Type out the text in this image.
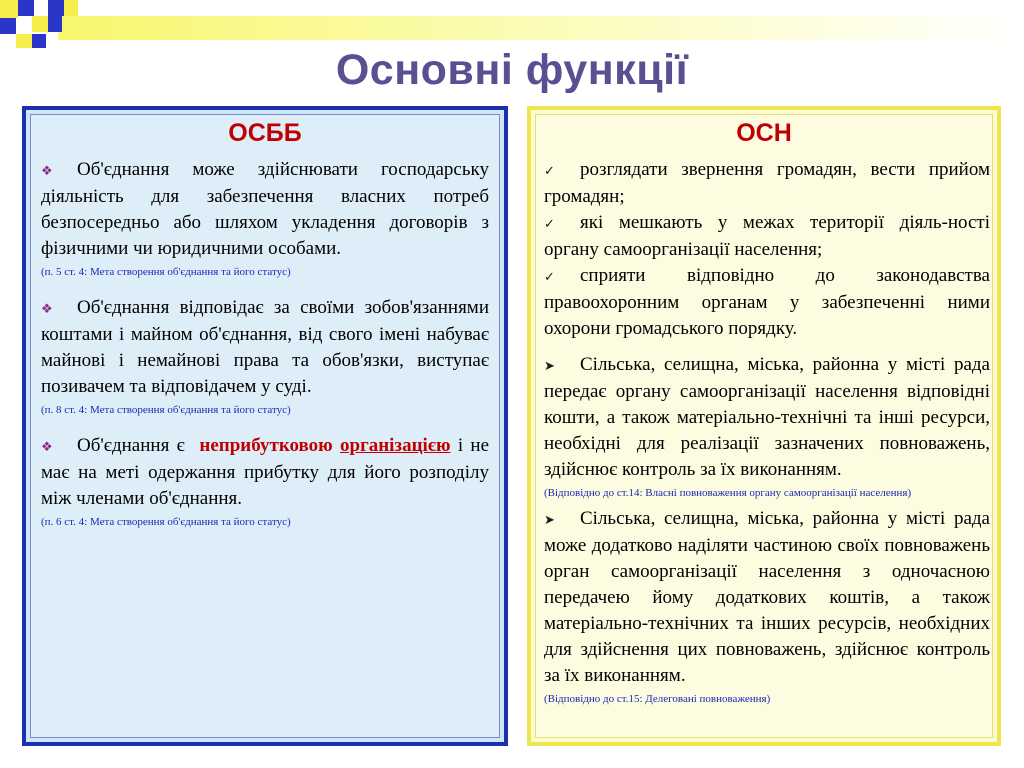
Основні функції
ОСББ

❖ Об'єднання може здійснювати господарську діяльність для забезпечення власних потреб безпосередньо або шляхом укладення договорів з фізичними чи юридичними особами.

(п. 5 ст. 4: Мета створення об'єднання та його статус)

❖ Об'єднання відповідає за своїми зобов'язаннями коштами і майном об'єднання, від свого імені набуває майнові і немайнові права та обов'язки, виступає позивачем та відповідачем у суді.

(п. 8 ст. 4: Мета створення об'єднання та його статус)

❖ Об'єднання є неприбутковою організацією і не має на меті одержання прибутку для його розподілу між членами об'єднання.

(п. 6 ст. 4: Мета створення об'єднання та його статус)
ОСН

✓ розглядати звернення громадян, вести прийом громадян;

✓ які мешкають у межах території діяль-ності органу самоорганізації населення;

✓ сприяти відповідно до законодавства правоохоронним органам у забезпеченні ними охорони громадського порядку.

➤ Сільська, селищна, міська, районна у місті рада передає органу самоорганізації населення відповідні кошти, а також матеріально-технічні та інші ресурси, необхідні для реалізації зазначених повноважень, здійснює контроль за їх виконанням.

(Відповідно до ст.14: Власні повноваження органу самоорганізації населення)

➤ Сільська, селищна, міська, районна у місті рада може додатково наділяти частиною своїх повноважень орган самоорганізації населення з одночасною передачею йому додаткових коштів, а також матеріально-технічних та інших ресурсів, необхідних для здійснення цих повноважень, здійснює контроль за їх виконанням.

(Відповідно до ст.15: Делеговані повноваження)
